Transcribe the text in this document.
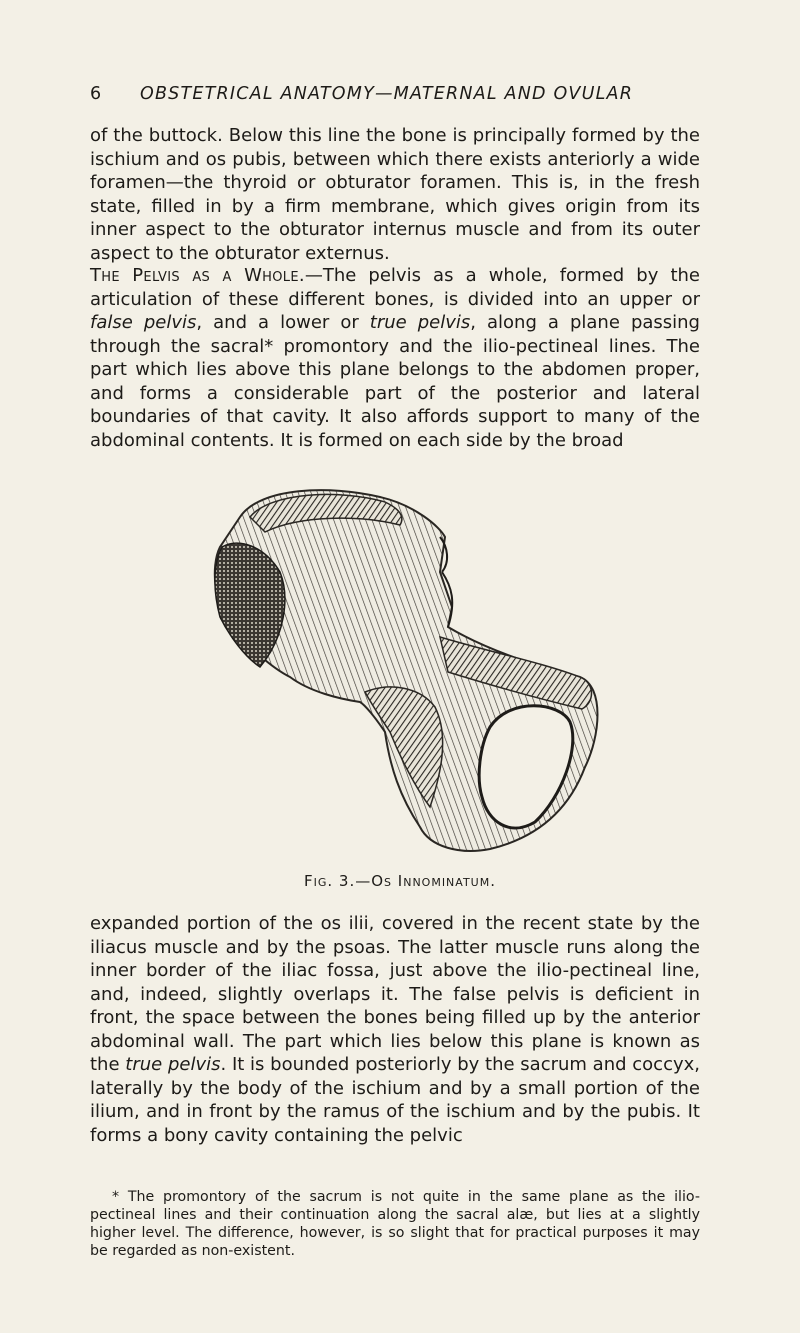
6 OBSTETRICAL ANATOMY—MATERNAL AND OVULAR

of the buttock. Below this line the bone is principally formed by the ischium and os pubis, between which there exists anteriorly a wide foramen—the thyroid or obturator foramen. This is, in the fresh state, filled in by a firm membrane, which gives origin from its inner aspect to the obturator internus muscle and from its outer aspect to the obturator externus.

The Pelvis as a Whole.—The pelvis as a whole, formed by the articulation of these different bones, is divided into an upper or false pelvis, and a lower or true pelvis, along a plane passing through the sacral* promontory and the ilio-pectineal lines. The part which lies above this plane belongs to the abdomen proper, and forms a considerable part of the posterior and lateral boundaries of that cavity. It also affords support to many of the abdominal contents. It is formed on each side by the broad

Fig. 3.—Os Innominatum.

expanded portion of the os ilii, covered in the recent state by the iliacus muscle and by the psoas. The latter muscle runs along the inner border of the iliac fossa, just above the ilio-pectineal line, and, indeed, slightly overlaps it. The false pelvis is deficient in front, the space between the bones being filled up by the anterior abdominal wall. The part which lies below this plane is known as the true pelvis. It is bounded posteriorly by the sacrum and coccyx, laterally by the body of the ischium and by a small portion of the ilium, and in front by the ramus of the ischium and by the pubis. It forms a bony cavity containing the pelvic

* The promontory of the sacrum is not quite in the same plane as the ilio-pectineal lines and their continuation along the sacral alæ, but lies at a slightly higher level. The difference, however, is so slight that for practical purposes it may be regarded as non-existent.
